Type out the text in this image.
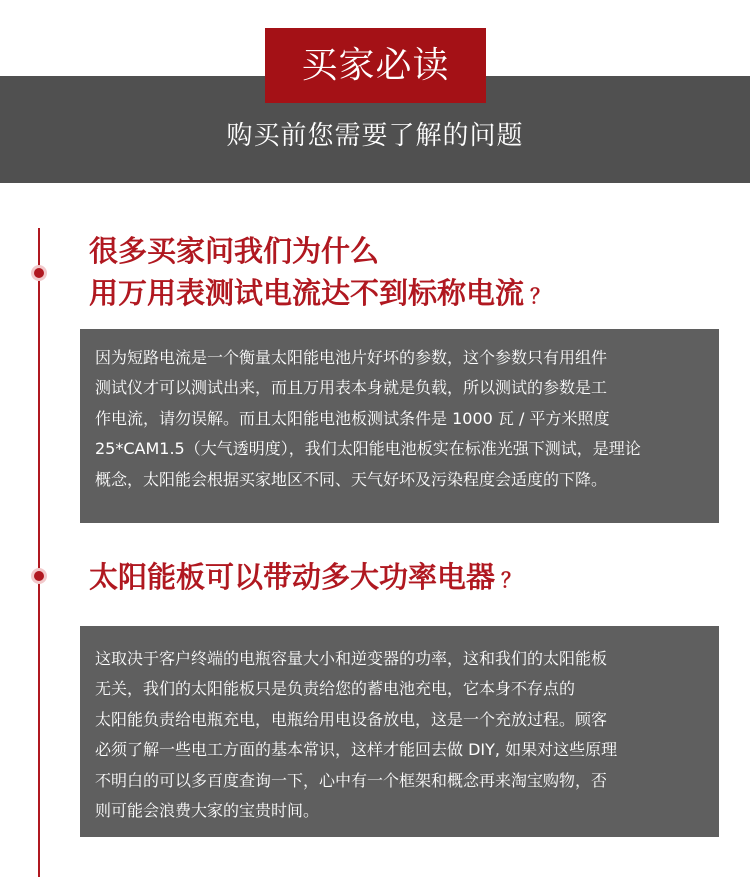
买家必读
购买前您需要了解的问题
很多买家问我们为什么
用万用表测试电流达不到标称电流 ？
因为短路电流是一个衡量太阳能电池片好坏的参数，这个参数只有用组件
测试仪才可以测试出来，而且万用表本身就是负载，所以测试的参数是工
作电流，请勿误解。而且太阳能电池板测试条件是 1000 瓦 / 平方米照度
25*CAM1.5（大气透明度），我们太阳能电池板实在标准光强下测试，是理论
概念，太阳能会根据买家地区不同、天气好坏及污染程度会适度的下降。
太阳能板可以带动多大功率电器 ？
这取决于客户终端的电瓶容量大小和逆变器的功率，这和我们的太阳能板
无关，我们的太阳能板只是负责给您的蓄电池充电，它本身不存点的
太阳能负责给电瓶充电，电瓶给用电设备放电，这是一个充放过程。顾客
必须了解一些电工方面的基本常识，这样才能回去做 DIY, 如果对这些原理
不明白的可以多百度查询一下，心中有一个框架和概念再来淘宝购物，否
则可能会浪费大家的宝贵时间。
